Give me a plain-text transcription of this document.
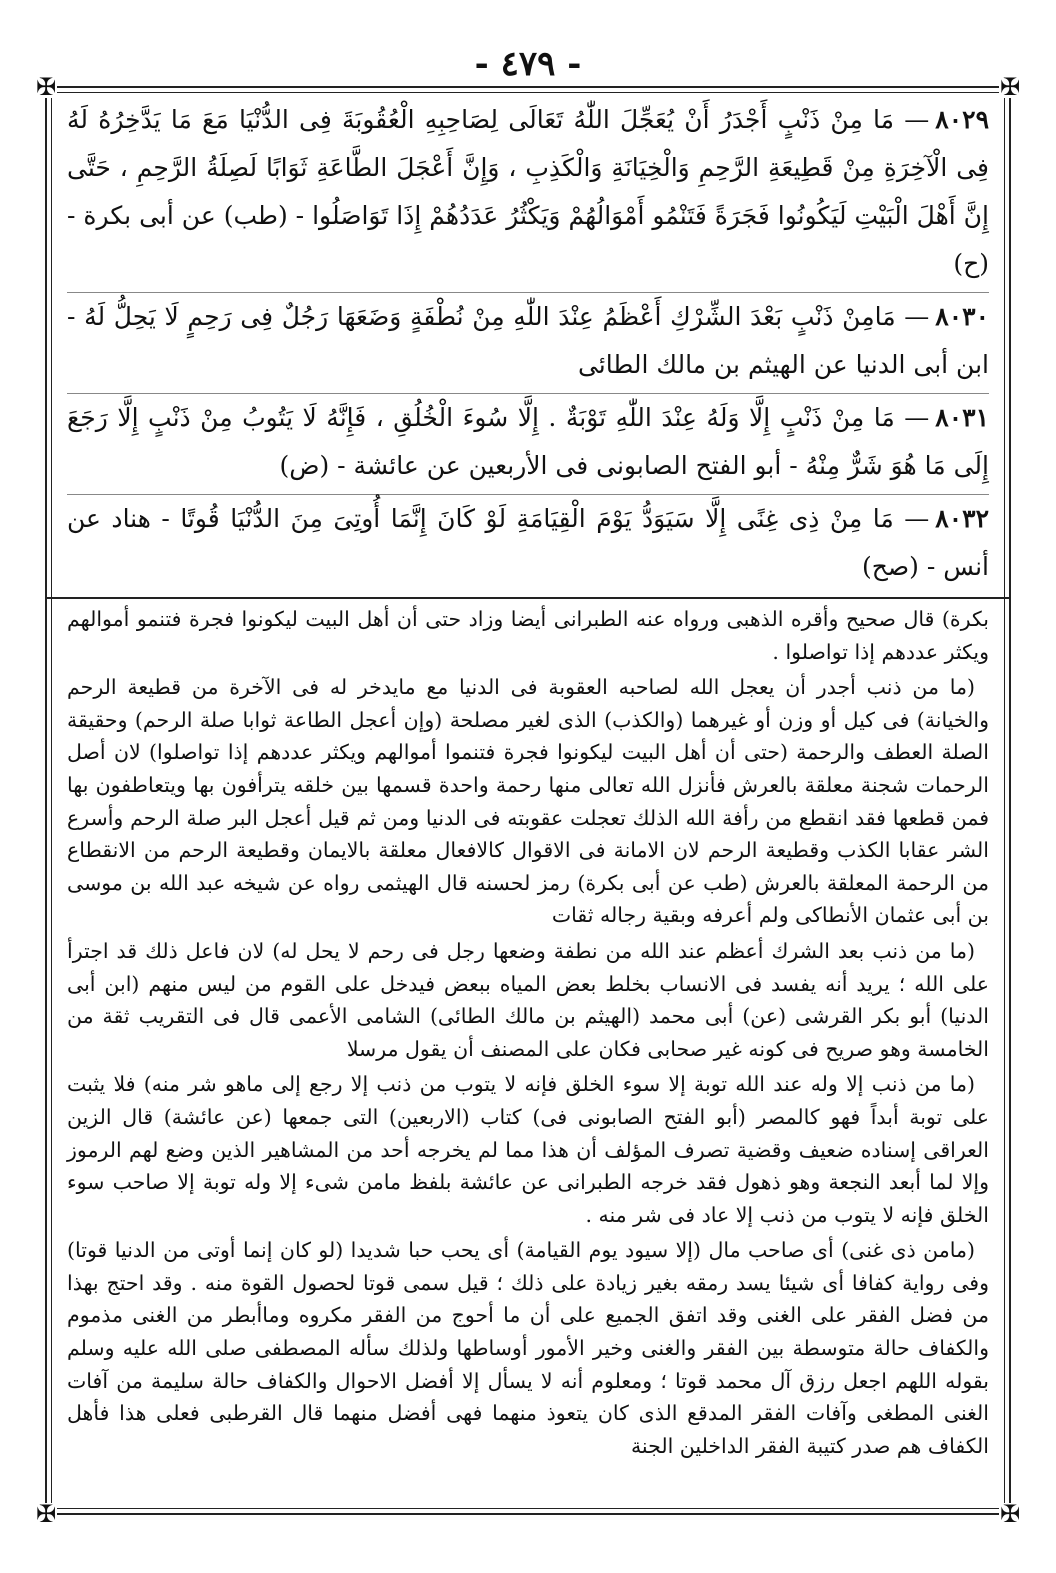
- ٤٧٩ -
✠	✠
✠	✠

٨٠٢٩— مَا مِنْ ذَنْبٍ أَجْدَرُ أَنْ يُعَجِّلَ اللّٰهُ تَعَالَى لِصَاحِبِهِ الْعُقُوبَةَ فِى الدُّنْيَا مَعَ مَا يَدَّخِرُهُ لَهُ فِى الْآخِرَةِ مِنْ قَطِيعَةِ الرَّحِمِ وَالْخِيَانَةِ وَالْكَذِبِ ، وَإِنَّ أَعْجَلَ الطَّاعَةِ ثَوَابًا لَصِلَةُ الرَّحِمِ ، حَتَّى إِنَّ أَهْلَ الْبَيْتِ لَيَكُونُوا فَجَرَةً فَتَنْمُو أَمْوَالُهُمْ وَيَكْثُرُ عَدَدُهُمْ إِذَا تَوَاصَلُوا - (طب) عن أبى بكرة - (ح)

٨٠٣٠— مَامِنْ ذَنْبٍ بَعْدَ الشِّرْكِ أَعْظَمُ عِنْدَ اللّٰهِ مِنْ نُطْفَةٍ وَضَعَهَا رَجُلٌ فِى رَحِمٍ لَا يَحِلُّ لَهُ - ابن أبى الدنيا عن الهيثم بن مالك الطائى

٨٠٣١— مَا مِنْ ذَنْبٍ إِلَّا وَلَهُ عِنْدَ اللّٰهِ تَوْبَةٌ . إِلَّا سُوءَ الْخُلُقِ ، فَإِنَّهُ لَا يَتُوبُ مِنْ ذَنْبٍ إِلَّا رَجَعَ إِلَى مَا هُوَ شَرٌّ مِنْهُ - أبو الفتح الصابونى فى الأربعين عن عائشة - (ض)

٨٠٣٢— مَا مِنْ ذِى غِنًى إِلَّا سَيَوَدُّ يَوْمَ الْقِيَامَةِ لَوْ كَانَ إِنَّمَا أُوتِىَ مِنَ الدُّنْيَا قُوتًا - هناد عن أنس - (صح)

بكرة) قال صحيح وأقره الذهبى ورواه عنه الطبرانى أيضا وزاد حتى أن أهل البيت ليكونوا فجرة فتنمو أموالهم ويكثر عددهم إذا تواصلوا .

(ما من ذنب أجدر أن يعجل الله لصاحبه العقوبة فى الدنيا مع مايدخر له فى الآخرة من قطيعة الرحم والخيانة) فى كيل أو وزن أو غيرهما (والكذب) الذى لغير مصلحة (وإن أعجل الطاعة ثوابا صلة الرحم) وحقيقة الصلة العطف والرحمة (حتى أن أهل البيت ليكونوا فجرة فتنموا أموالهم ويكثر عددهم إذا تواصلوا) لان أصل الرحمات شجنة معلقة بالعرش فأنزل الله تعالى منها رحمة واحدة قسمها بين خلقه يترأفون بها ويتعاطفون بها فمن قطعها فقد انقطع من رأفة الله الذلك تعجلت عقوبته فى الدنيا ومن ثم قيل أعجل البر صلة الرحم وأسرع الشر عقابا الكذب وقطيعة الرحم لان الامانة فى الاقوال كالافعال معلقة بالايمان وقطيعة الرحم من الانقطاع من الرحمة المعلقة بالعرش (طب عن أبى بكرة) رمز لحسنه قال الهيثمى رواه عن شيخه عبد الله بن موسى بن أبى عثمان الأنطاكى ولم أعرفه وبقية رجاله ثقات

(ما من ذنب بعد الشرك أعظم عند الله من نطفة وضعها رجل فى رحم لا يحل له) لان فاعل ذلك قد اجترأ على الله ؛ يريد أنه يفسد فى الانساب بخلط بعض المياه ببعض فيدخل على القوم من ليس منهم (ابن أبى الدنيا) أبو بكر القرشى (عن) أبى محمد (الهيثم بن مالك الطائى) الشامى الأعمى قال فى التقريب ثقة من الخامسة وهو صريح فى كونه غير صحابى فكان على المصنف أن يقول مرسلا

(ما من ذنب إلا وله عند الله توبة إلا سوء الخلق فإنه لا يتوب من ذنب إلا رجع إلى ماهو شر منه) فلا يثبت على توبة أبداً فهو كالمصر (أبو الفتح الصابونى فى) كتاب (الاربعين) التى جمعها (عن عائشة) قال الزين العراقى إسناده ضعيف وقضية تصرف المؤلف أن هذا مما لم يخرجه أحد من المشاهير الذين وضع لهم الرموز وإلا لما أبعد النجعة وهو ذهول فقد خرجه الطبرانى عن عائشة بلفظ مامن شىء إلا وله توبة إلا صاحب سوء الخلق فإنه لا يتوب من ذنب إلا عاد فى شر منه .

(مامن ذى غنى) أى صاحب مال (إلا سيود يوم القيامة) أى يحب حبا شديدا (لو كان إنما أوتى من الدنيا قوتا) وفى رواية كفافا أى شيئا يسد رمقه بغير زيادة على ذلك ؛ قيل سمى قوتا لحصول القوة منه . وقد احتج بهذا من فضل الفقر على الغنى وقد اتفق الجميع على أن ما أحوج من الفقر مكروه وماأبطر من الغنى مذموم والكفاف حالة متوسطة بين الفقر والغنى وخير الأمور أوساطها ولذلك سأله المصطفى صلى الله عليه وسلم بقوله اللهم اجعل رزق آل محمد قوتا ؛ ومعلوم أنه لا يسأل إلا أفضل الاحوال والكفاف حالة سليمة من آفات الغنى المطغى وآفات الفقر المدقع الذى كان يتعوذ منهما فهى أفضل منهما قال القرطبى فعلى هذا فأهل الكفاف هم صدر كتيبة الفقر الداخلين الجنة
